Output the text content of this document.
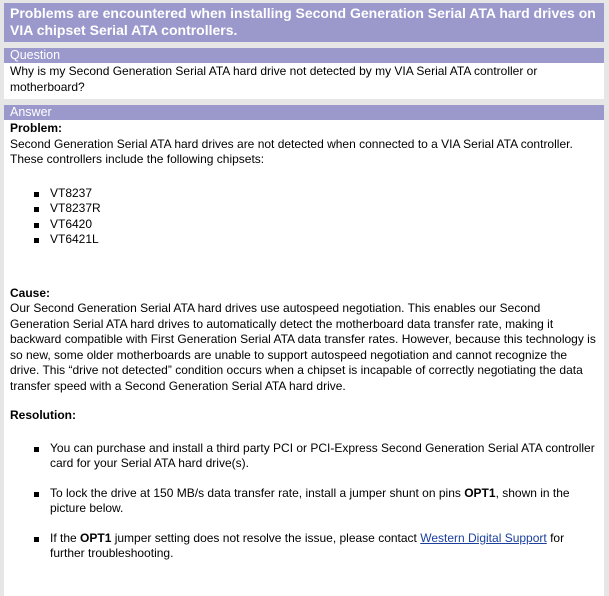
Problems are encountered when installing Second Generation Serial ATA hard drives on VIA chipset Serial ATA controllers.
Question
Why is my Second Generation Serial ATA hard drive not detected by my VIA Serial ATA controller or motherboard?
Answer
Problem:
Second Generation Serial ATA hard drives are not detected when connected to a VIA Serial ATA controller. These controllers include the following chipsets:
VT8237
VT8237R
VT6420
VT6421L
Cause:
Our Second Generation Serial ATA hard drives use autospeed negotiation. This enables our Second Generation Serial ATA hard drives to automatically detect the motherboard data transfer rate, making it backward compatible with First Generation Serial ATA data transfer rates. However, because this technology is so new, some older motherboards are unable to support autospeed negotiation and cannot recognize the drive. This “drive not detected” condition occurs when a chipset is incapable of correctly negotiating the data transfer speed with a Second Generation Serial ATA hard drive.
Resolution:
You can purchase and install a third party PCI or PCI-Express Second Generation Serial ATA controller card for your Serial ATA hard drive(s).
To lock the drive at 150 MB/s data transfer rate, install a jumper shunt on pins OPT1, shown in the picture below.
If the OPT1 jumper setting does not resolve the issue, please contact Western Digital Support for further troubleshooting.
